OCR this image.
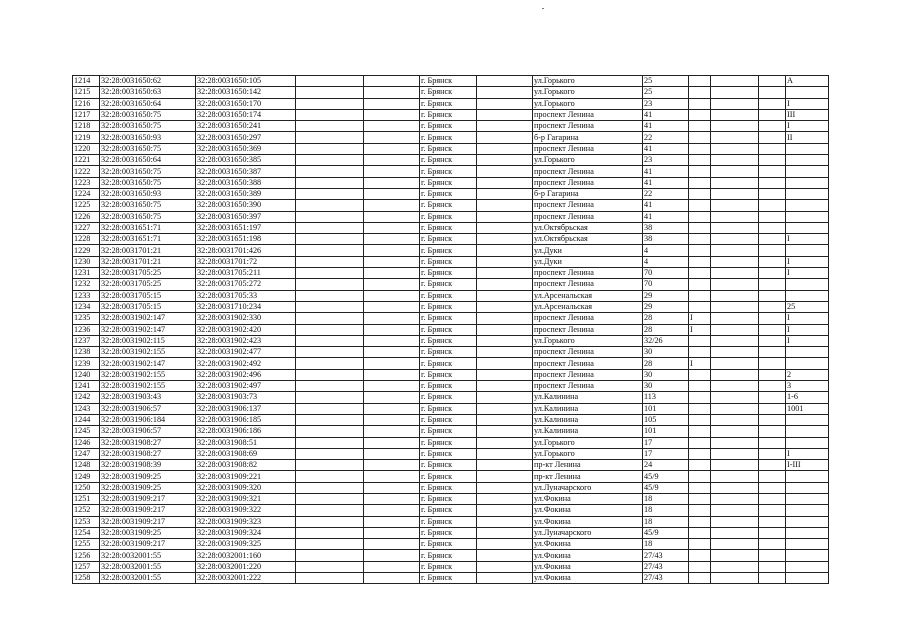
1214	32:28:0031650:62	32:28:0031650:105			г. Брянск		ул.Горького	25				А
1215	32:28:0031650:63	32:28:0031650:142			г. Брянск		ул.Горького	25				
1216	32:28:0031650:64	32:28:0031650:170			г. Брянск		ул.Горького	23				I
1217	32:28:0031650:75	32:28:0031650:174			г. Брянск		проспект Ленина	41				III
1218	32:28:0031650:75	32:28:0031650:241			г. Брянск		проспект Ленина	41				I
1219	32:28:0031650:93	32:28:0031650:297			г. Брянск		б-р Гагарина	22				II
1220	32:28:0031650:75	32:28:0031650:369			г. Брянск		проспект Ленина	41				
1221	32:28:0031650:64	32:28:0031650:385			г. Брянск		ул.Горького	23				
1222	32:28:0031650:75	32:28:0031650:387			г. Брянск		проспект Ленина	41				
1223	32:28:0031650:75	32:28:0031650:388			г. Брянск		проспект Ленина	41				
1224	32:28:0031650:93	32:28:0031650:389			г. Брянск		б-р Гагарина	22				
1225	32:28:0031650:75	32:28:0031650:390			г. Брянск		проспект Ленина	41				
1226	32:28:0031650:75	32:28:0031650:397			г. Брянск		проспект Ленина	41				
1227	32:28:0031651:71	32:28:0031651:197			г. Брянск		ул.Октябрьская	38				
1228	32:28:0031651:71	32:28:0031651:198			г. Брянск		ул.Октябрьская	38				I
1229	32:28:0031701:21	32:28:0031701:426			г. Брянск		ул.Дуки	4				
1230	32:28:0031701:21	32:28:0031701:72			г. Брянск		ул.Дуки	4				I
1231	32:28:0031705:25	32:28:0031705:211			г. Брянск		проспект Ленина	70				I
1232	32:28:0031705:25	32:28:0031705:272			г. Брянск		проспект Ленина	70				
1233	32:28:0031705:15	32:28:0031705:33			г. Брянск		ул.Арсенальская	29				
1234	32:28:0031705:15	32:28:0031710:234			г. Брянск		ул.Арсенальская	29				25
1235	32:28:0031902:147	32:28:0031902:330			г. Брянск		проспект Ленина	28	I			I
1236	32:28:0031902:147	32:28:0031902:420			г. Брянск		проспект Ленина	28	I			I
1237	32:28:0031902:115	32:28:0031902:423			г. Брянск		ул.Горького	32/26				I
1238	32:28:0031902:155	32:28:0031902:477			г. Брянск		проспект Ленина	30				
1239	32:28:0031902:147	32:28:0031902:492			г. Брянск		проспект Ленина	28	I			
1240	32:28:0031902:155	32:28:0031902:496			г. Брянск		проспект Ленина	30				2
1241	32:28:0031902:155	32:28:0031902:497			г. Брянск		проспект Ленина	30				3
1242	32:28:0031903:43	32:28:0031903:73			г. Брянск		ул.Калинина	113				1-6
1243	32:28:0031906:57	32:28:0031906:137			г. Брянск		ул.Калинина	101				1001
1244	32:28:0031906:184	32:28:0031906:185			г. Брянск		ул.Калинина	105				
1245	32:28:0031906:57	32:28:0031906:186			г. Брянск		ул.Калинина	101				
1246	32:28:0031908:27	32:28:0031908:51			г. Брянск		ул.Горького	17				
1247	32:28:0031908:27	32:28:0031908:69			г. Брянск		ул.Горького	17				I
1248	32:28:0031908:39	32:28:0031908:82			г. Брянск		пр-кт Ленина	24				I-III
1249	32:28:0031909:25	32:28:0031909:221			г. Брянск		пр-кт Ленина	45/9				
1250	32:28:0031909:25	32:28:0031909:320			г. Брянск		ул.Луначарского	45/9				
1251	32:28:0031909:217	32:28:0031909:321			г. Брянск		ул.Фокина	18				
1252	32:28:0031909:217	32:28:0031909:322			г. Брянск		ул.Фокина	18				
1253	32:28:0031909:217	32:28:0031909:323			г. Брянск		ул.Фокина	18				
1254	32:28:0031909:25	32:28:0031909:324			г. Брянск		ул.Луначарского	45/9				
1255	32:28:0031909:217	32:28:0031909:325			г. Брянск		ул.Фокина	18				
1256	32:28:0032001:55	32:28:0032001:160			г. Брянск		ул.Фокина	27/43				
1257	32:28:0032001:55	32:28:0032001:220			г. Брянск		ул.Фокина	27/43				
1258	32:28:0032001:55	32:28:0032001:222			г. Брянск		ул.Фокина	27/43				
